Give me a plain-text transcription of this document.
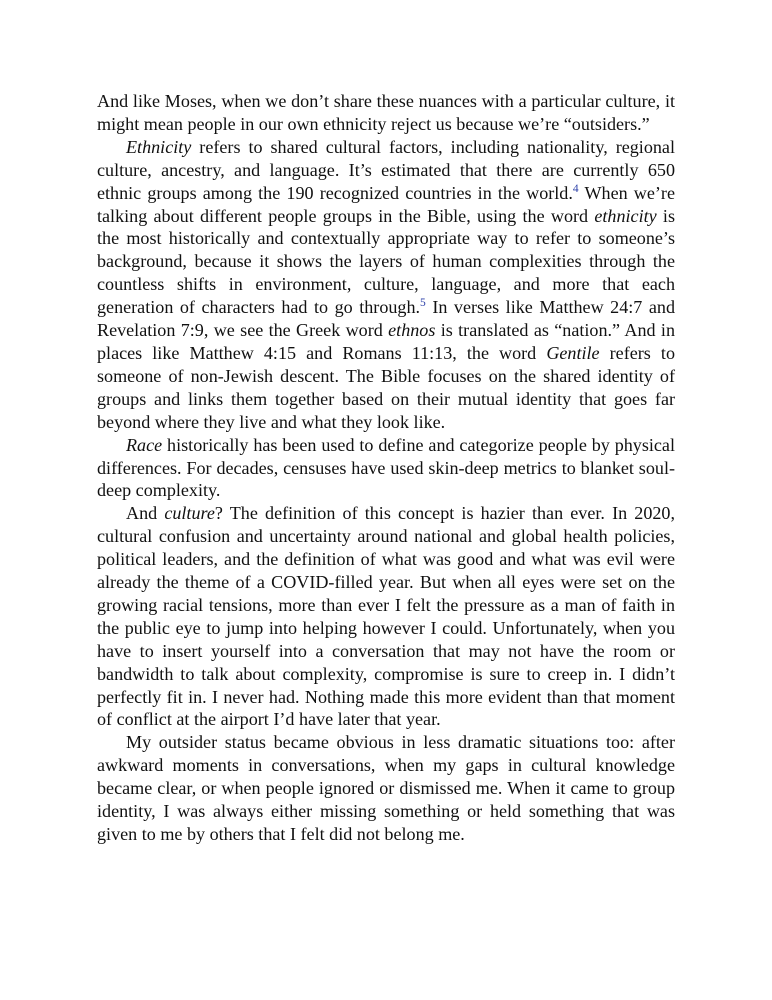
And like Moses, when we don’t share these nuances with a particular culture, it might mean people in our own ethnicity reject us because we’re “outsiders.”

Ethnicity refers to shared cultural factors, including nationality, regional culture, ancestry, and language. It’s estimated that there are currently 650 ethnic groups among the 190 recognized countries in the world.$^4$ When we’re talking about different people groups in the Bible, using the word ethnicity is the most historically and contextually appropriate way to refer to someone’s background, because it shows the layers of human complexities through the countless shifts in environment, culture, language, and more that each generation of characters had to go through.$^5$ In verses like Matthew 24:7 and Revelation 7:9, we see the Greek word ethnos is translated as “nation.” And in places like Matthew 4:15 and Romans 11:13, the word Gentile refers to someone of non-Jewish descent. The Bible focuses on the shared identity of groups and links them together based on their mutual identity that goes far beyond where they live and what they look like.

Race historically has been used to define and categorize people by physical differences. For decades, censuses have used skin-deep metrics to blanket soul-deep complexity.

And culture? The definition of this concept is hazier than ever. In 2020, cultural confusion and uncertainty around national and global health policies, political leaders, and the definition of what was good and what was evil were already the theme of a COVID-filled year. But when all eyes were set on the growing racial tensions, more than ever I felt the pressure as a man of faith in the public eye to jump into helping however I could. Unfortunately, when you have to insert yourself into a conversation that may not have the room or bandwidth to talk about complexity, compromise is sure to creep in. I didn’t perfectly fit in. I never had. Nothing made this more evident than that moment of conflict at the airport I’d have later that year.

My outsider status became obvious in less dramatic situations too: after awkward moments in conversations, when my gaps in cultural knowledge became clear, or when people ignored or dismissed me. When it came to group identity, I was always either missing something or held something that was given to me by others that I felt did not belong me.
